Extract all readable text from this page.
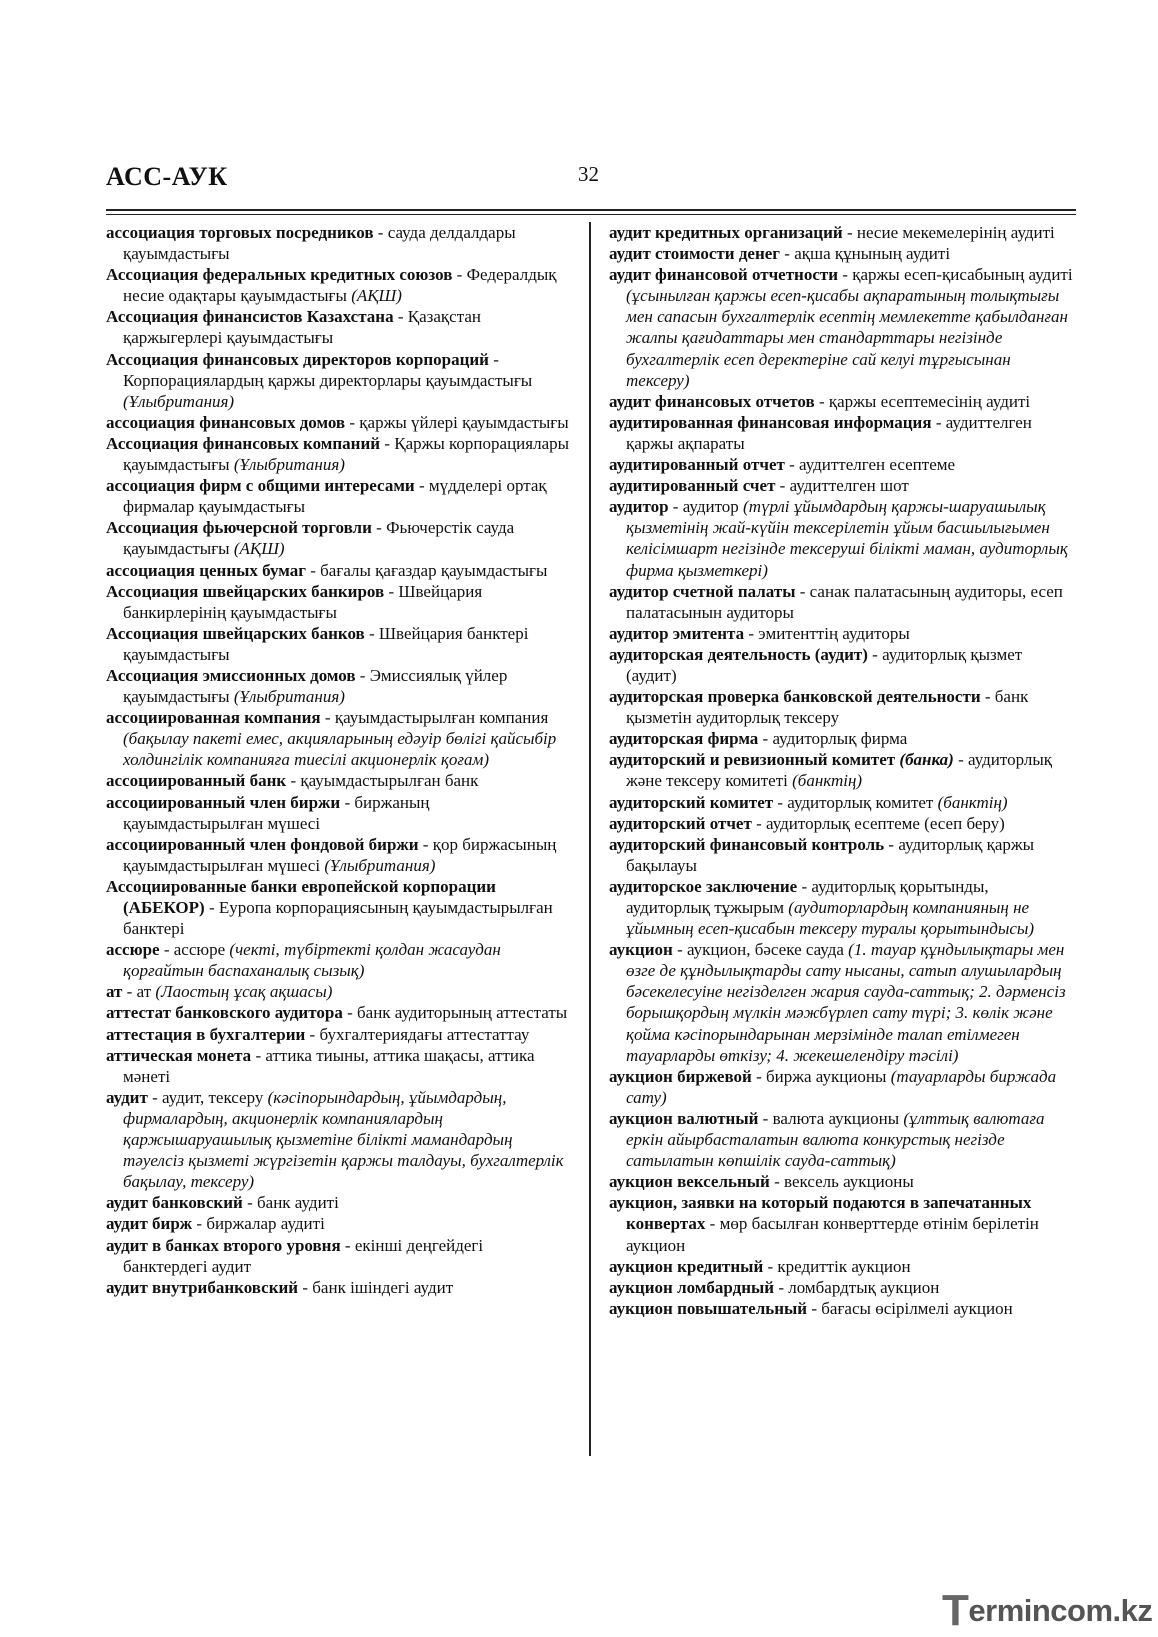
АСС-АУК	32

ассоциация торговых посредников - сауда делдалдары қауымдастығы

Ассоциация федеральных кредитных союзов - Федералдық несие одақтары қауымдастығы (АҚШ)

Ассоциация финансистов Казахстана - Қазақстан қаржыгерлері қауымдастығы

Ассоциация финансовых директоров корпораций - Корпорациялардың қаржы директорлары қауымдастығы (Ұлыбритания)

ассоциация финансовых домов - қаржы үйлері қауымдастығы

Ассоциация финансовых компаний - Қаржы корпорациялары қауымдастығы (Ұлыбритания)

ассоциация фирм с общими интересами - мүдделері ортақ фирмалар қауымдастығы

Ассоциация фьючерсной торговли - Фьючерстік сауда қауымдастығы (АҚШ)

ассоциация ценных бумаг - бағалы қағаздар қауымдастығы

Ассоциация швейцарских банкиров - Швейцария банкирлерінің қауымдастығы

Ассоциация швейцарских банков - Швейцария банктері қауымдастығы

Ассоциация эмиссионных домов - Эмиссиялық үйлер қауымдастығы (Ұлыбритания)

ассоциированная компания - қауымдастырылған компания (бақылау пакеті емес, акцияларының едәуір бөлігі қайсыбір холдингілік компанияға тиесілі акционерлік қоғам)

ассоциированный банк - қауымдастырылған банк

ассоциированный член биржи - биржаның қауымдастырылған мүшесі

ассоциированный член фондовой биржи - қор биржасының қауымдастырылған мүшесі (Ұлыбритания)

Ассоциированные банки европейской корпорации (АБЕКОР) - Еуропа корпорациясының қауымдастырылған банктері

ассюре - ассюре (чекті, түбіртекті қолдан жасаудан қорғайтын баспаханалық сызық)

ат - ат (Лаостың ұсақ ақшасы)

аттестат банковского аудитора - банк аудиторының аттестаты

аттестация в бухгалтерии - бухгалтериядағы аттестаттау

аттическая монета - аттика тиыны, аттика шақасы, аттика мәнеті

аудит - аудит, тексеру (кәсіпорындардың, ұйымдардың, фирмалардың, акционерлік компаниялардың қаржышаруашылық қызметіне білікті мамандардың тәуелсіз қызметі жүргізетін қаржы талдауы, бухгалтерлік бақылау, тексеру)

аудит банковский - банк аудиті

аудит бирж - биржалар аудиті

аудит в банках второго уровня - екінші деңгейдегі банктердегі аудит

аудит внутрибанковский - банк ішіндегі аудит

аудит кредитных организаций - несие мекемелерінің аудиті

аудит стоимости денег - ақша құнының аудиті

аудит финансовой отчетности - қаржы есеп-қисабының аудиті (ұсынылған қаржы есеп-қисабы ақпаратының толықтығы мен сапасын бухгалтерлік есептің мемлекетте қабылданған жалпы қағидаттары мен стандарттары негізінде бухгалтерлік есеп деректеріне сай келуі тұрғысынан тексеру)

аудит финансовых отчетов - қаржы есептемесінің аудиті

аудитированная финансовая информация - аудиттелген қаржы ақпараты

аудитированный отчет - аудиттелген есептеме

аудитированный счет - аудиттелген шот

аудитор - аудитор (түрлі ұйымдардың қаржы-шаруашылық қызметінің жай-күйін тексерілетін ұйым басшылығымен келісімшарт негізінде тексеруші білікті маман, аудиторлық фирма қызметкері)

аудитор счетной палаты - санак палатасының аудиторы, есеп палатасынын аудиторы

аудитор эмитента - эмитенттің аудиторы

аудиторская деятельность (аудит) - аудиторлық қызмет (аудит)

аудиторская проверка банковской деятельности - банк қызметін аудиторлық тексеру

аудиторская фирма - аудиторлық фирма

аудиторский и ревизионный комитет (банка) - аудиторлық және тексеру комитеті (банктің)

аудиторский комитет - аудиторлық комитет (банктің)

аудиторский отчет - аудиторлық есептеме (есеп беру)

аудиторский финансовый контроль - аудиторлық қаржы бақылауы

аудиторское заключение - аудиторлық қорытынды, аудиторлық тұжырым (аудиторлардың компанияның не ұйымның есеп-қисабын тексеру туралы қорытындысы)

аукцион - аукцион, бәсеке сауда (1. тауар құндылықтары мен өзге де құндылықтарды сату нысаны, сатып алушылардың бәсекелесуіне негізделген жария сауда-саттық; 2. дәрменсіз борышқордың мүлкін мәжбүрлеп сату түрі; 3. көлік және қойма кәсіпорындарынан мерзімінде талап етілмеген тауарларды өткізу; 4. жекешелендіру тәсілі)

аукцион биржевой - биржа аукционы (тауарларды биржада сату)

аукцион валютный - валюта аукционы (ұлттық валютаға еркін айырбасталатын валюта конкурстық негізде сатылатын көпшілік сауда-саттық)

аукцион вексельный - вексель аукционы

аукцион, заявки на который подаются в запечатанных конвертах - мөр басылған конверттерде өтінім берілетін аукцион

аукцион кредитный - кредиттік аукцион

аукцион ломбардный - ломбардтық аукцион

аукцион повышательный - бағасы өсірілмелі аукцион

Termincom.kz
